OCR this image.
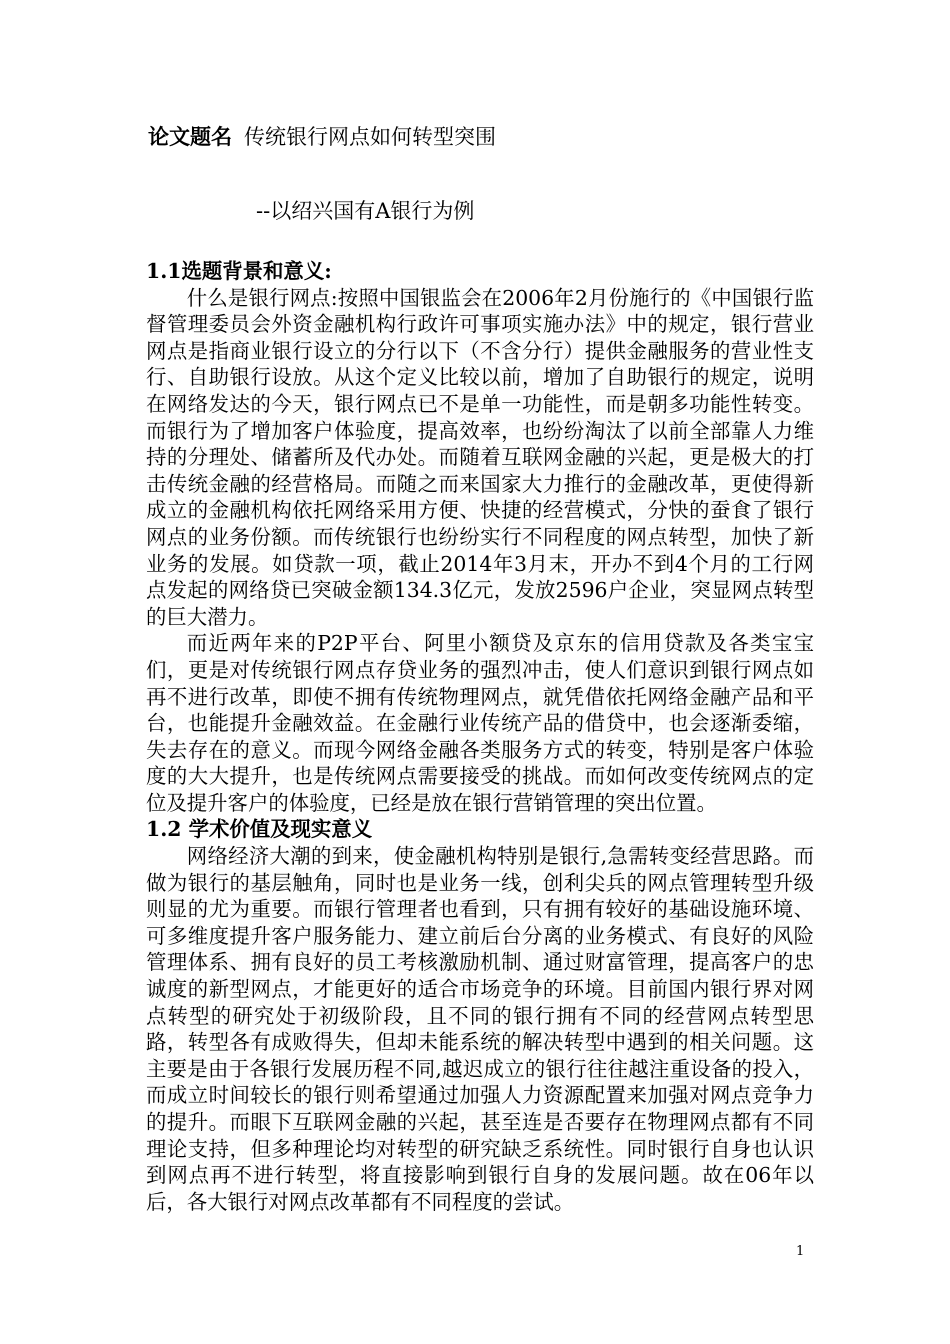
论文题名 传统银行网点如何转型突围
--以绍兴国有A银行为例

1.1选题背景和意义:

什么是银行网点:按照中国银监会在2006年2月份施行的《中国银行监督管理委员会外资金融机构行政许可事项实施办法》中的规定，银行营业网点是指商业银行设立的分行以下（不含分行）提供金融服务的营业性支行、自助银行设放。从这个定义比较以前，增加了自助银行的规定，说明在网络发达的今天，银行网点已不是单一功能性，而是朝多功能性转变。而银行为了增加客户体验度，提高效率，也纷纷淘汰了以前全部靠人力维持的分理处、储蓄所及代办处。而随着互联网金融的兴起，更是极大的打击传统金融的经营格局。而随之而来国家大力推行的金融改革，更使得新成立的金融机构依托网络采用方便、快捷的经营模式，分快的蚕食了银行网点的业务份额。而传统银行也纷纷实行不同程度的网点转型，加快了新业务的发展。如贷款一项，截止2014年3月末，开办不到4个月的工行网点发起的网络贷已突破金额134.3亿元，发放2596户企业，突显网点转型的巨大潜力。

而近两年来的P2P平台、阿里小额贷及京东的信用贷款及各类宝宝们，更是对传统银行网点存贷业务的强烈冲击，使人们意识到银行网点如再不进行改革，即使不拥有传统物理网点，就凭借依托网络金融产品和平台，也能提升金融效益。在金融行业传统产品的借贷中，也会逐渐委缩，失去存在的意义。而现今网络金融各类服务方式的转变，特别是客户体验度的大大提升，也是传统网点需要接受的挑战。而如何改变传统网点的定位及提升客户的体验度，已经是放在银行营销管理的突出位置。

1.2 学术价值及现实意义

网络经济大潮的到来，使金融机构特别是银行,急需转变经营思路。而做为银行的基层触角，同时也是业务一线，创利尖兵的网点管理转型升级则显的尤为重要。而银行管理者也看到，只有拥有较好的基础设施环境、可多维度提升客户服务能力、建立前后台分离的业务模式、有良好的风险管理体系、拥有良好的员工考核激励机制、通过财富管理，提高客户的忠诚度的新型网点，才能更好的适合市场竞争的环境。目前国内银行界对网点转型的研究处于初级阶段，且不同的银行拥有不同的经营网点转型思路，转型各有成败得失，但却未能系统的解决转型中遇到的相关问题。这主要是由于各银行发展历程不同,越迟成立的银行往往越注重设备的投入，而成立时间较长的银行则希望通过加强人力资源配置来加强对网点竞争力的提升。而眼下互联网金融的兴起，甚至连是否要存在物理网点都有不同理论支持，但多种理论均对转型的研究缺乏系统性。同时银行自身也认识到网点再不进行转型，将直接影响到银行自身的发展问题。故在06年以后，各大银行对网点改革都有不同程度的尝试。

1
